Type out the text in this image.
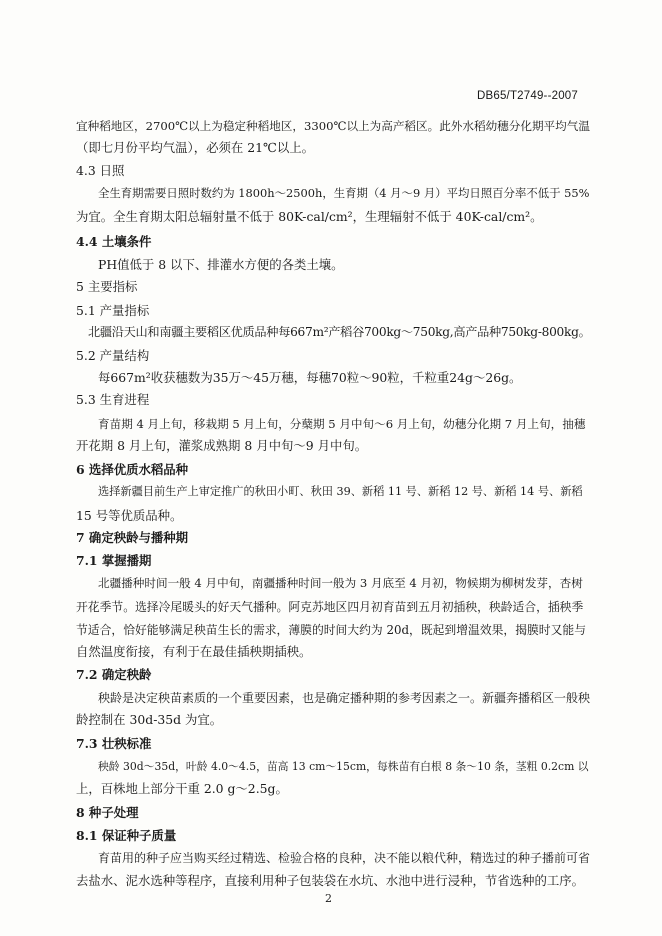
DB65/T2749--2007
宜种稻地区，2700℃以上为稳定种稻地区，3300℃以上为高产稻区。此外水稻幼穗分化期平均气温
（即七月份平均气温），必须在 21℃以上。
4.3 日照
全生育期需要日照时数约为 1800h～2500h，生育期（4 月～9 月）平均日照百分率不低于 55%
为宜。全生育期太阳总辐射量不低于 80K-cal/cm²，生理辐射不低于 40K-cal/cm²。
4.4 土壤条件
PH值低于 8 以下、排灌水方便的各类土壤。
5 主要指标
5.1 产量指标
北疆沿天山和南疆主要稻区优质品种每667m²产稻谷700kg～750kg,高产品种750kg-800kg。
5.2 产量结构
每667m²收获穗数为35万～45万穗，每穗70粒～90粒，千粒重24g～26g。
5.3 生育进程
育苗期 4 月上旬，移栽期 5 月上旬，分蘖期 5 月中旬～6 月上旬，幼穗分化期 7 月上旬，抽穗
开花期 8 月上旬，灌浆成熟期 8 月中旬～9 月中旬。
6 选择优质水稻品种
选择新疆目前生产上审定推广的秋田小町、秋田 39、新稻 11 号、新稻 12 号、新稻 14 号、新稻
15 号等优质品种。
7 确定秧龄与播种期
7.1 掌握播期
北疆播种时间一般 4 月中旬，南疆播种时间一般为 3 月底至 4 月初，物候期为柳树发芽，杏树
开花季节。选择冷尾暖头的好天气播种。阿克苏地区四月初育苗到五月初插秧，秧龄适合，插秧季
节适合，恰好能够满足秧苗生长的需求，薄膜的时间大约为 20d，既起到增温效果，揭膜时又能与
自然温度衔接，有利于在最佳插秧期插秧。
7.2 确定秧龄
秧龄是决定秧苗素质的一个重要因素，也是确定播种期的参考因素之一。新疆奔播稻区一般秧
龄控制在 30d-35d 为宜。
7.3 壮秧标准
秧龄 30d～35d，叶龄 4.0～4.5，苗高 13 cm～15cm，每株苗有白根 8 条～10 条，茎粗 0.2cm 以
上，百株地上部分干重 2.0 g～2.5g。
8 种子处理
8.1 保证种子质量
育苗用的种子应当购买经过精选、检验合格的良种，决不能以粮代种，精选过的种子播前可省
去盐水、泥水选种等程序，直接利用种子包装袋在水坑、水池中进行浸种，节省选种的工序。
2
